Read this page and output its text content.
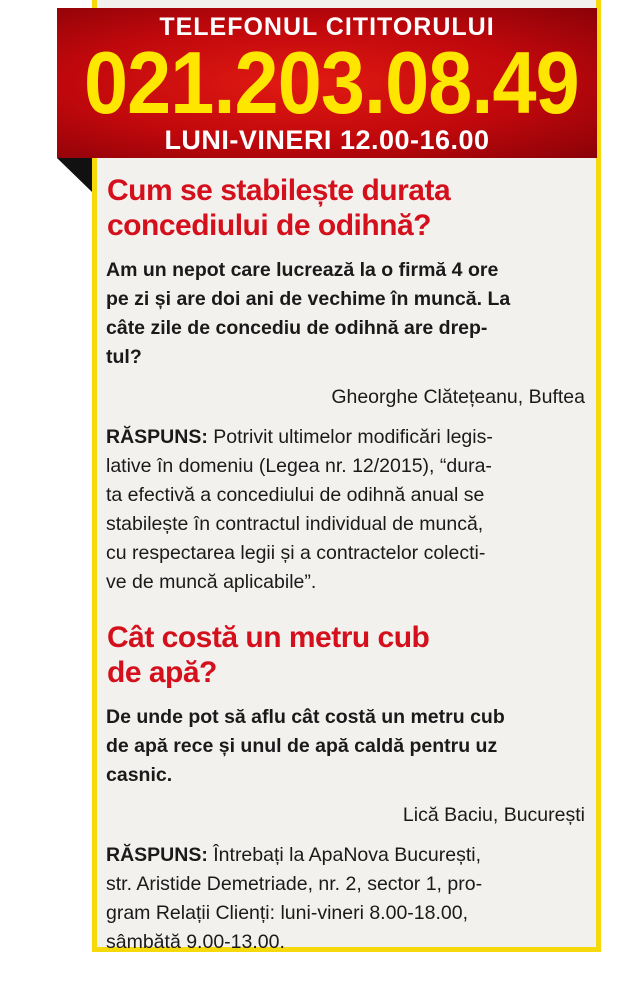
TELEFONUL CITITORULUI
021.203.08.49
LUNI-VINERI 12.00-16.00
Cum se stabilește durata
concediului de odihnă?
Am un nepot care lucrează la o firmă 4 ore
pe zi și are doi ani de vechime în muncă. La
câte zile de concediu de odihnă are drep-
tul?
Gheorghe Clătețeanu, Buftea
RĂSPUNS: Potrivit ultimelor modificări legis-
lative în domeniu (Legea nr. 12/2015), “dura-
ta efectivă a concediului de odihnă anual se
stabilește în contractul individual de muncă,
cu respectarea legii și a contractelor colecti-
ve de muncă aplicabile”.
Cât costă un metru cub
de apă?
De unde pot să aflu cât costă un metru cub
de apă rece și unul de apă caldă pentru uz
casnic.
Lică Baciu, București
RĂSPUNS: Întrebați la ApaNova București,
str. Aristide Demetriade, nr. 2, sector 1, pro-
gram Relații Clienți: luni-vineri 8.00-18.00,
sâmbătă 9.00-13.00.
